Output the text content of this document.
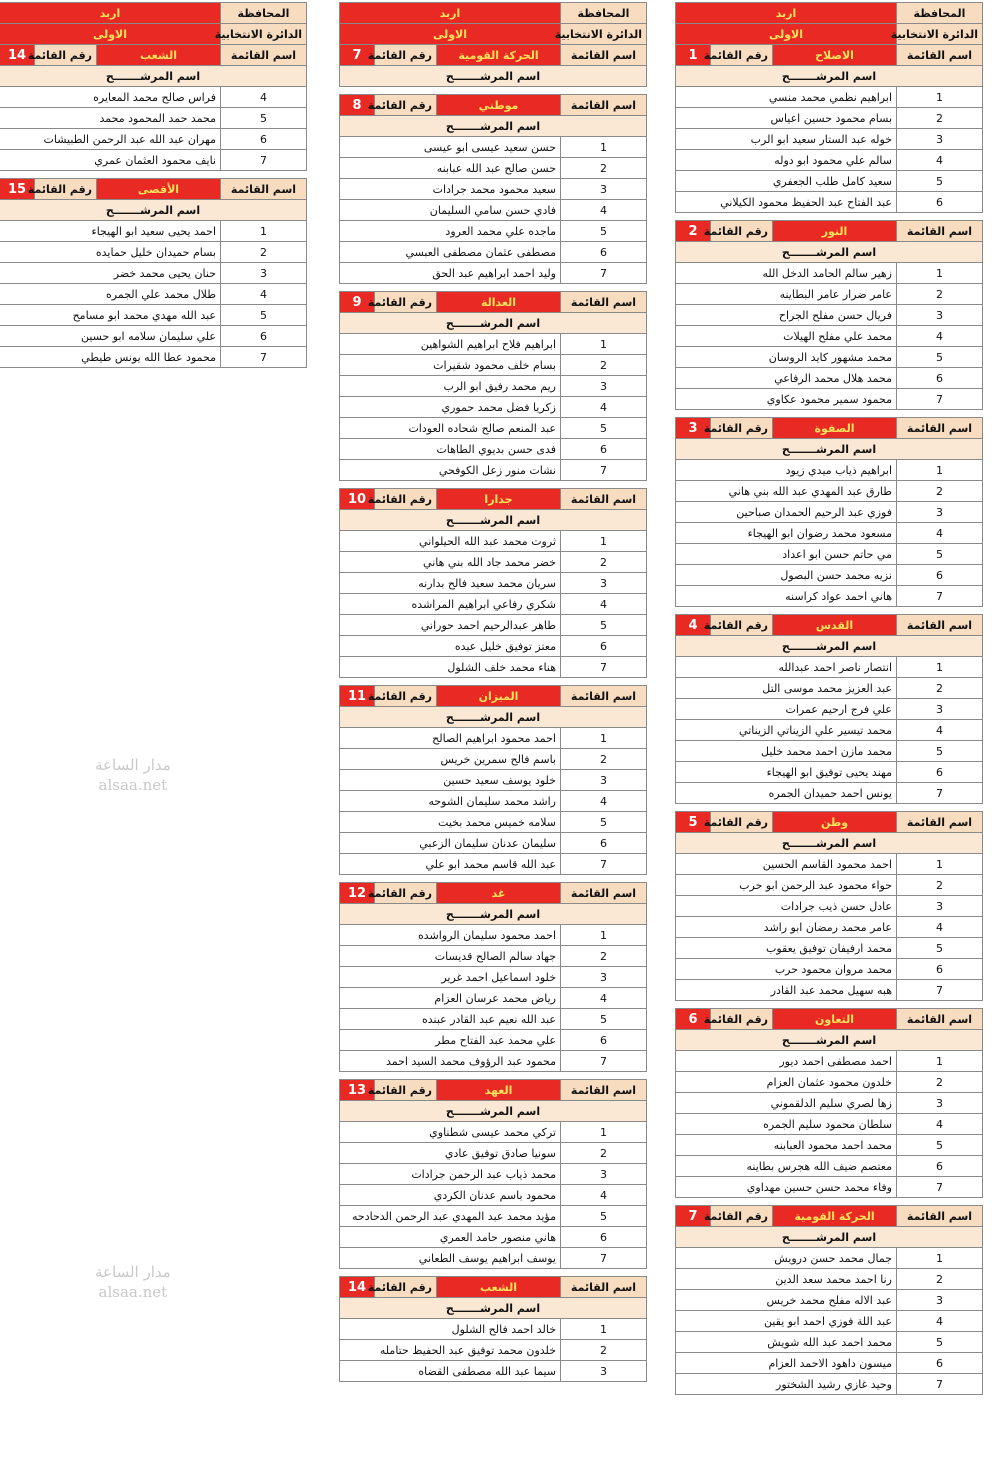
المحافظة	اربد		
الدائرة الانتخابية	الاولى		
اسم القائمة	الاصلاح	رقم القائمة	1
اسم المرشـــــــح			
1	ابراهيم نظمي محمد منسي		
2	بسام محمود حسين اعياس		
3	خوله عبد الستار سعيد ابو الرب		
4	سالم علي محمود ابو دوله		
5	سعيد كامل طلب الجعفري		
6	عبد الفتاح عبد الحفيظ محمود الكيلاني		

اسم القائمة	النور	رقم القائمة	2
اسم المرشـــــــح			
1	زهير سالم الحامد الدخل الله		
2	عامر ضرار عامر البطاينه		
3	فريال حسن مفلح الجراح		
4	محمد علي مفلح الهيلات		
5	محمد مشهور كايد الروسان		
6	محمد هلال محمد الرفاعي		
7	محمود سمير محمود عكاوي		

اسم القائمة	الصفوة	رقم القائمة	3
اسم المرشـــــــح			
1	ابراهيم ذياب ميدي زيود		
2	طارق عبد المهدي عبد الله بني هاني		
3	فوزي عبد الرحيم الحمدان صباحين		
4	مسعود محمد رضوان ابو الهيجاء		
5	مي حاتم حسن ابو اعداد		
6	نزيه محمد حسن البصول		
7	هاني احمد عواد كراسنه		

اسم القائمة	القدس	رقم القائمة	4
اسم المرشـــــــح			
1	انتصار ناصر احمد عبدالله		
2	عبد العزيز محمد موسى التل		
3	علي فرج ارحيم عمرات		
4	محمد تيسير علي الزيناتي الزيناتي		
5	محمد مازن احمد محمد خليل		
6	مهند يحيى توفيق ابو الهيجاء		
7	يونس احمد حميدان الجمره		

اسم القائمة	وطن	رقم القائمة	5
اسم المرشـــــــح			
1	احمد محمود القاسم الحسين		
2	حواء محمود عبد الرحمن ابو حرب		
3	عادل حسن ذيب جرادات		
4	عامر محمد رمضان ابو راشد		
5	محمد ارفيفان توفيق يعقوب		
6	محمد مروان محمود حرب		
7	هبه سهيل محمد عبد القادر		

اسم القائمة	التعاون	رقم القائمة	6
اسم المرشـــــــح			
1	احمد مصطفى احمد ديور		
2	خلدون محمود عثمان العزام		
3	زها لصري سليم الدلقموني		
4	سلطان محمود سليم الجمره		
5	محمد احمد محمود العبابنه		
6	معتصم ضيف الله هجرس بطاينه		
7	وفاء محمد حسن حسين مهداوي		

اسم القائمة	الحركة القومية	رقم القائمة	7
اسم المرشـــــــح			
1	جمال محمد حسن درويش		
2	رنا احمد محمد سعد الدين		
3	عبد الاله مفلح محمد خريس		
4	عبد اللة فوزي احمد ابو يقين		
5	محمد احمد عبد الله شويش		
6	ميسون داهود الاحمد العزام		
7	وحيد غازي رشيد الشختور		
المحافظة	اربد		
الدائرة الانتخابية	الاولى		
اسم القائمة	الحركة القومية	رقم القائمة	7
اسم المرشـــــــح			

اسم القائمة	موطني	رقم القائمة	8
اسم المرشـــــــح			
1	حسن سعيد عيسى ابو عيسى		
2	حسن صالح عبد الله عبابنه		
3	سعيد محمود محمد جرادات		
4	فادي حسن سامي السليمان		
5	ماجده علي محمد العرود		
6	مصطفى عثمان مصطفى العبسي		
7	وليد احمد ابراهيم عبد الحق		

اسم القائمة	العدالة	رقم القائمة	9
اسم المرشـــــــح			
1	ابراهيم فلاح ابراهيم الشواهين		
2	بسام خلف محمود شقيرات		
3	ريم محمد رفيق ابو الرب		
4	زكريا فضل محمد حموري		
5	عبد المنعم صالح شحاده العودات		
6	فدى حسن بديوي الطاهات		
7	نشات منور زعل الكوفحي		

اسم القائمة	جدارا	رقم القائمة	10
اسم المرشـــــــح			
1	ثروت محمد عبد الله الحيلواني		
2	خضر محمد جاد الله بني هاني		
3	سريان محمد سعيد فالح بدارنه		
4	شكري رفاعي ابراهيم المراشده		
5	طاهر عبدالرحيم احمد حوراني		
6	معتز توفيق خليل عبده		
7	هناء محمد خلف الشلول		

اسم القائمة	الميزان	رقم القائمة	11
اسم المرشـــــــح			
1	احمد محمود ابراهيم الصالح		
2	باسم فالح سمرين خريس		
3	خلود يوسف سعيد حسين		
4	راشد محمد سليمان الشوحه		
5	سلامه خميس محمد بخيت		
6	سليمان عدنان سليمان الزعبي		
7	عبد الله قاسم محمد ابو علي		

اسم القائمة	غد	رقم القائمة	12
اسم المرشـــــــح			
1	احمد محمود سليمان الرواشده		
2	جهاد سالم الصالح قديسات		
3	خلود اسماعيل احمد غرير		
4	رياض محمد عرسان العزام		
5	عبد الله نعيم عبد القادر عبنده		
6	علي محمد عبد الفتاح مطر		
7	محمود عبد الرؤوف محمد السيد احمد		

اسم القائمة	العهد	رقم القائمة	13
اسم المرشـــــــح			
1	تركي محمد عيسى شطناوي		
2	سونيا صادق توفيق عادي		
3	محمد ذياب عبد الرحمن جرادات		
4	محمود باسم عدنان الكردي		
5	مؤيد محمد عبد المهدي عبد الرحمن الدحادحه		
6	هاني منصور حامد العمري		
7	يوسف ابراهيم يوسف الطعاني		

اسم القائمة	الشعب	رقم القائمة	14
اسم المرشـــــــح			
1	خالد احمد فالح الشلول		
2	خلدون محمد توفيق عبد الحفيظ حتامله		
3	سيما عبد الله مصطفى القضاه		
المحافظة	اربد		
الدائرة الانتخابية	الاولى		
اسم القائمة	الشعب	رقم القائمة	14
اسم المرشـــــــح			
4	فراس صالح محمد المعايره		
5	محمد حمد المحمود محمد		
6	مهران عبد الله عبد الرحمن الطبيشات		
7	نايف محمود العثمان عمري		

اسم القائمة	الأقصى	رقم القائمة	15
اسم المرشـــــــح			
1	احمد يحيى سعيد ابو الهيجاء		
2	بسام حميدان خليل حمايده		
3	حنان يحيى محمد خضر		
4	طلال محمد علي الجمره		
5	عبد الله مهدي محمد ابو مسامح		
6	علي سليمان سلامه ابو حسين		
7	محمود عطا الله يونس طيطي		
مدار الساعة
alsaa.net
مدار الساعة
alsaa.net
